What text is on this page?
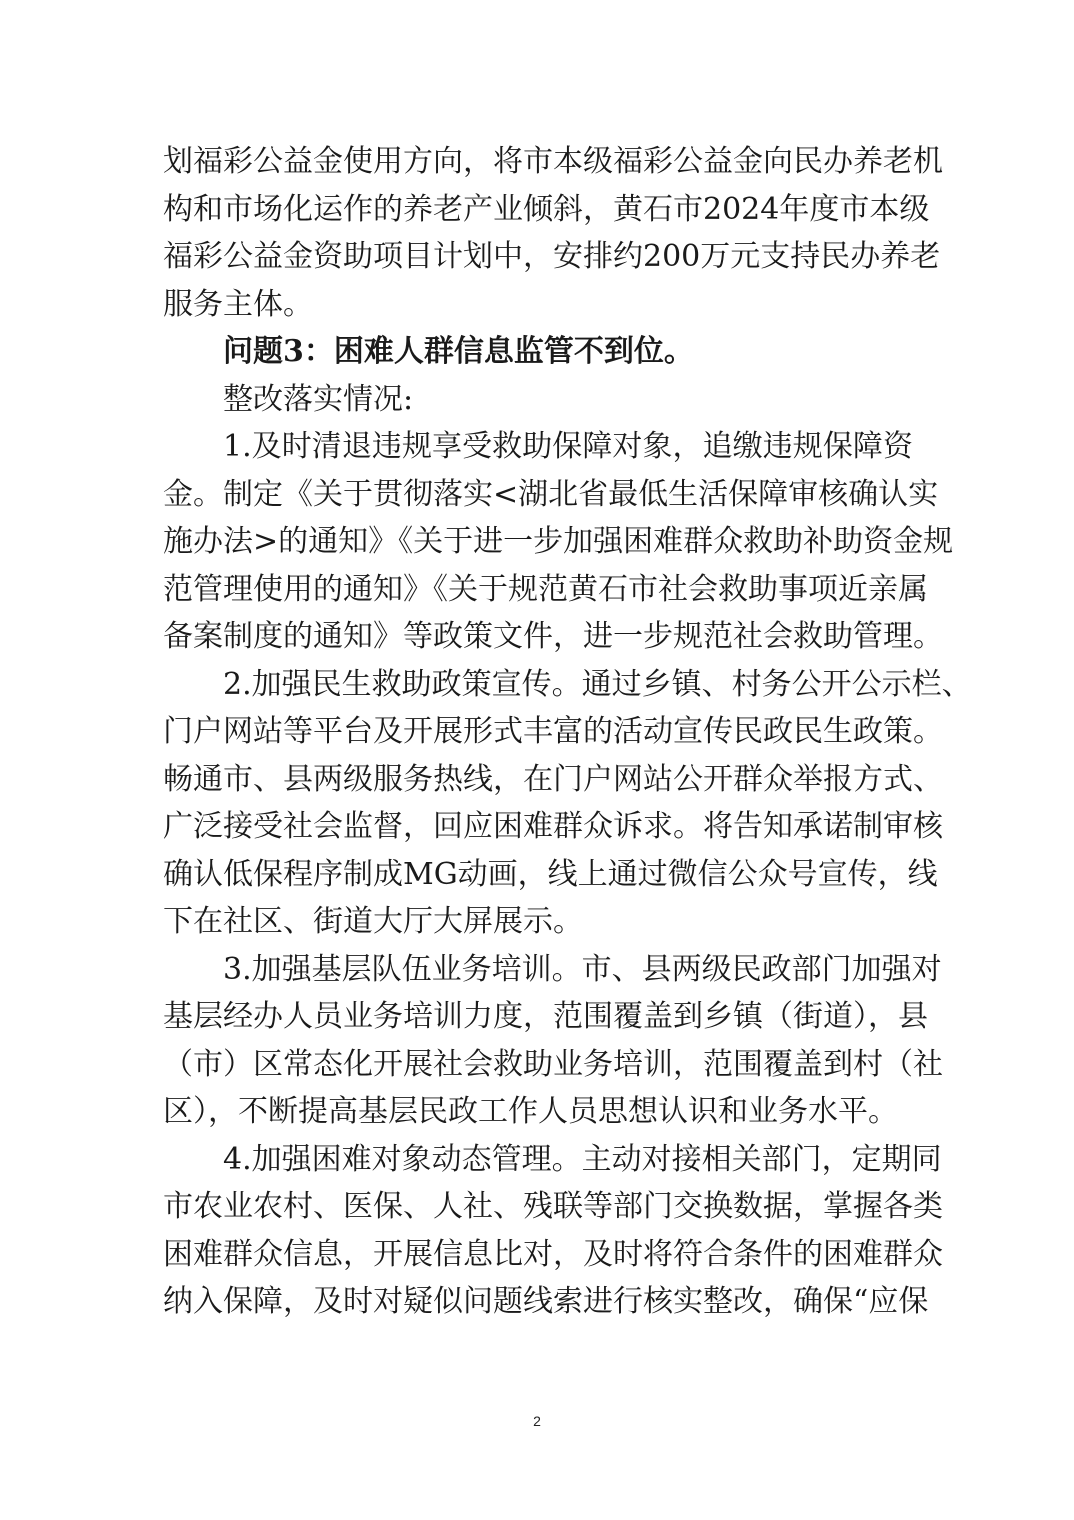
划福彩公益金使用方向，将市本级福彩公益金向民办养老机
构和市场化运作的养老产业倾斜，黄石市2024年度市本级
福彩公益金资助项目计划中，安排约200万元支持民办养老
服务主体。
问题3：困难人群信息监管不到位。
整改落实情况:
1.及时清退违规享受救助保障对象，追缴违规保障资
金。制定《关于贯彻落实<湖北省最低生活保障审核确认实
施办法>的通知》《关于进一步加强困难群众救助补助资金规
范管理使用的通知》《关于规范黄石市社会救助事项近亲属
备案制度的通知》等政策文件，进一步规范社会救助管理。
2.加强民生救助政策宣传。通过乡镇、村务公开公示栏、
门户网站等平台及开展形式丰富的活动宣传民政民生政策。
畅通市、县两级服务热线，在门户网站公开群众举报方式、
广泛接受社会监督，回应困难群众诉求。将告知承诺制审核
确认低保程序制成MG动画，线上通过微信公众号宣传，线
下在社区、街道大厅大屏展示。
3.加强基层队伍业务培训。市、县两级民政部门加强对
基层经办人员业务培训力度，范围覆盖到乡镇（街道），县
（市）区常态化开展社会救助业务培训，范围覆盖到村（社
区），不断提高基层民政工作人员思想认识和业务水平。
4.加强困难对象动态管理。主动对接相关部门，定期同
市农业农村、医保、人社、残联等部门交换数据，掌握各类
困难群众信息，开展信息比对，及时将符合条件的困难群众
纳入保障，及时对疑似问题线索进行核实整改，确保“应保
2
